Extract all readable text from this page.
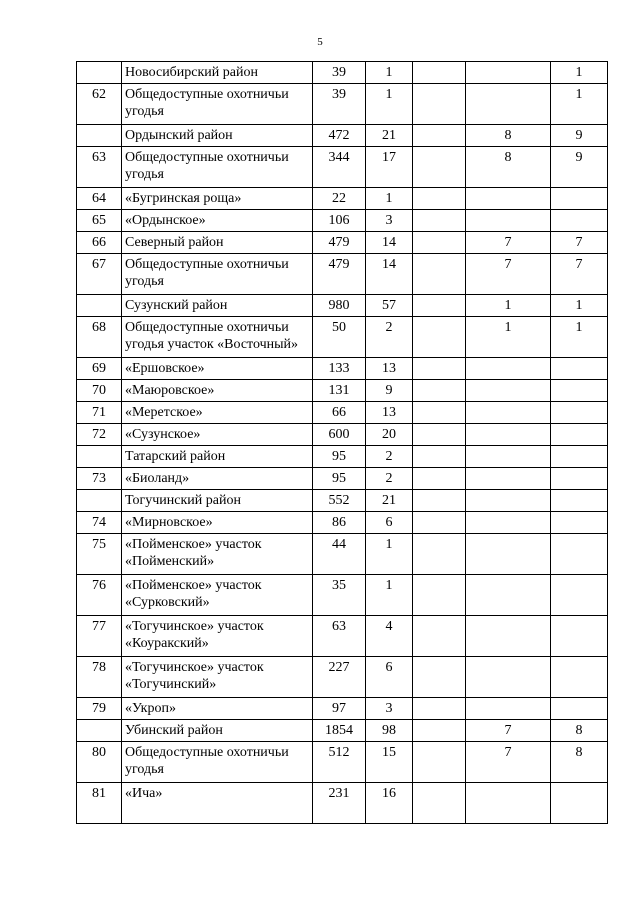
5
	Новосибирский район	39	1			1
62	Общедоступные охотничьи угодья	39	1			1
	Ордынский район	472	21		8	9
63	Общедоступные охотничьи угодья	344	17		8	9
64	«Бугринская роща»	22	1			
65	«Ордынское»	106	3			
66	Северный район	479	14		7	7
67	Общедоступные охотничьи угодья	479	14		7	7
	Сузунский район	980	57		1	1
68	Общедоступные охотничьи угодья участок «Восточный»	50	2		1	1
69	«Ершовское»	133	13			
70	«Маюровское»	131	9			
71	«Меретское»	66	13			
72	«Сузунское»	600	20			
	Татарский район	95	2			
73	«Биоланд»	95	2			
	Тогучинский район	552	21			
74	«Мирновское»	86	6			
75	«Пойменское» участок «Пойменский»	44	1			
76	«Пойменское» участок «Сурковский»	35	1			
77	«Тогучинское» участок «Коуракский»	63	4			
78	«Тогучинское» участок «Тогучинский»	227	6			
79	«Укроп»	97	3			
	Убинский район	1854	98		7	8
80	Общедоступные охотничьи угодья	512	15		7	8
81	«Ича»	231	16			
